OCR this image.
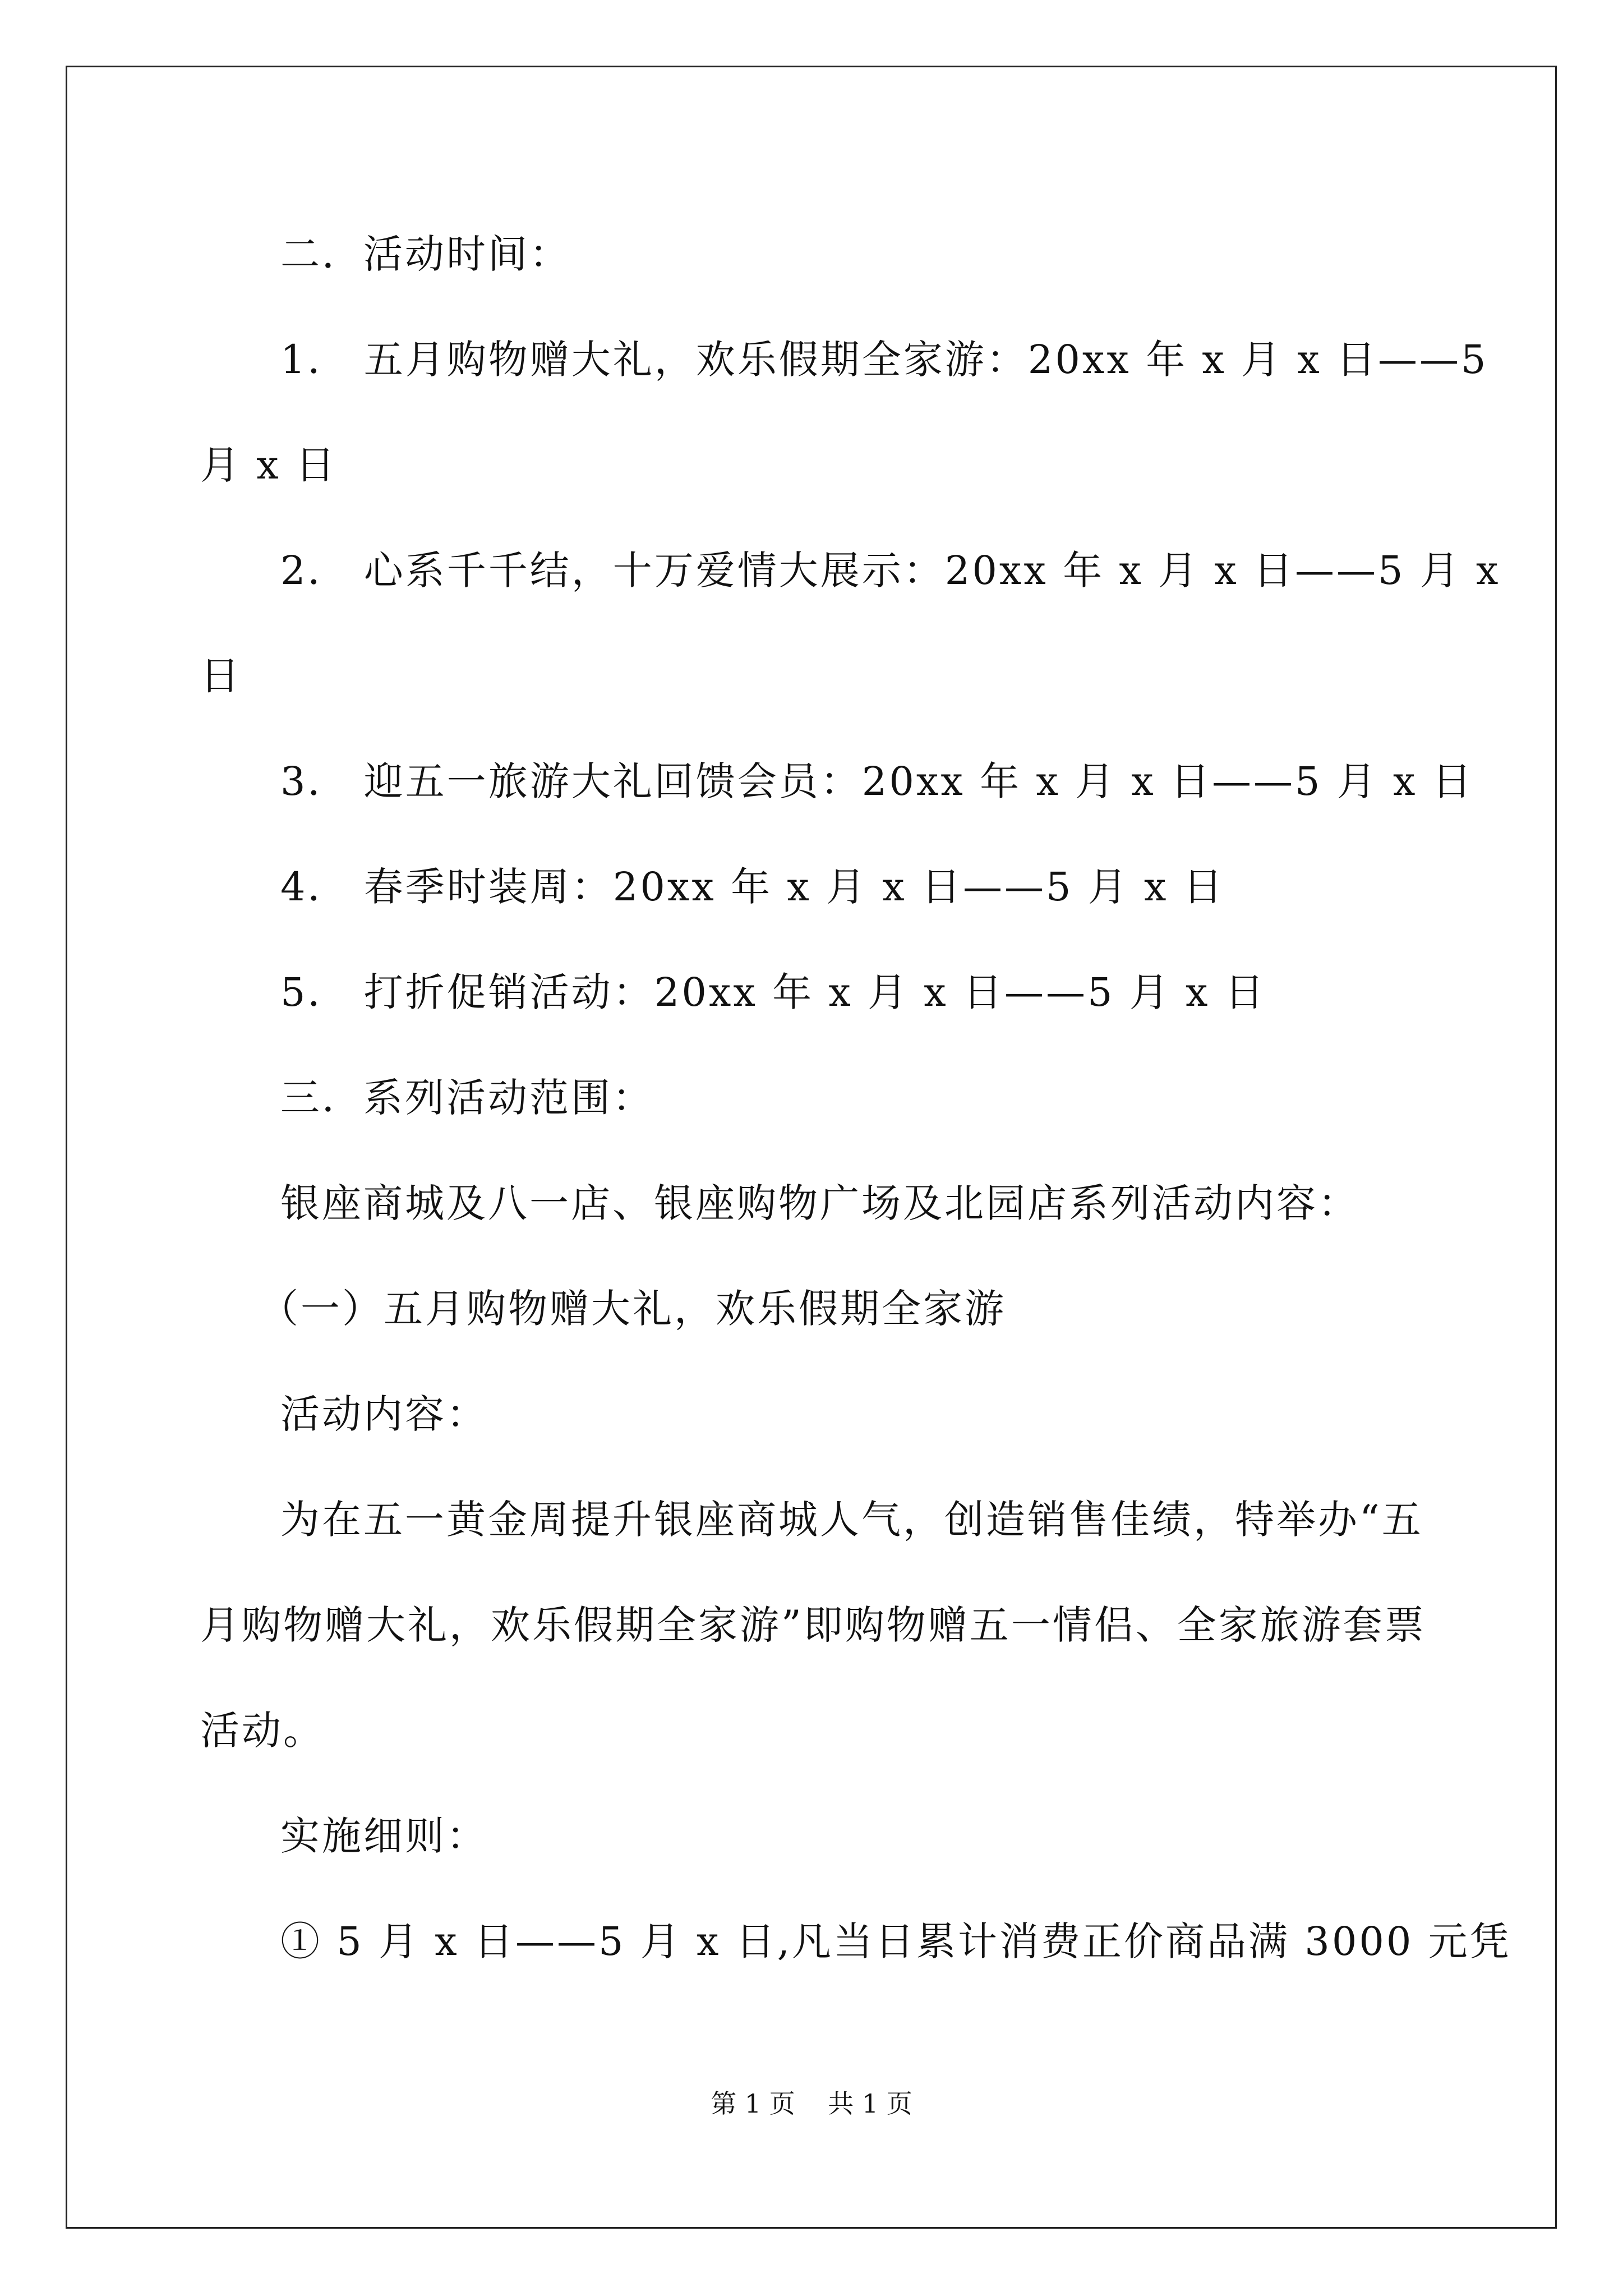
二．活动时间：
1． 五月购物赠大礼，欢乐假期全家游：20xx 年 x 月 x 日——5
月 x 日
2． 心系千千结，十万爱情大展示：20xx 年 x 月 x 日——5 月 x
日
3． 迎五一旅游大礼回馈会员：20xx 年 x 月 x 日——5 月 x 日
4． 春季时装周：20xx 年 x 月 x 日——5 月 x 日
5． 打折促销活动：20xx 年 x 月 x 日——5 月 x 日
三．系列活动范围：
银座商城及八一店、银座购物广场及北园店系列活动内容：
（一）五月购物赠大礼，欢乐假期全家游
活动内容：
为在五一黄金周提升银座商城人气，创造销售佳绩，特举办“五
月购物赠大礼，欢乐假期全家游”即购物赠五一情侣、全家旅游套票
活动。
实施细则：
① 5 月 x 日——5 月 x 日,凡当日累计消费正价商品满 3000 元凭
第 1 页 共 1 页
